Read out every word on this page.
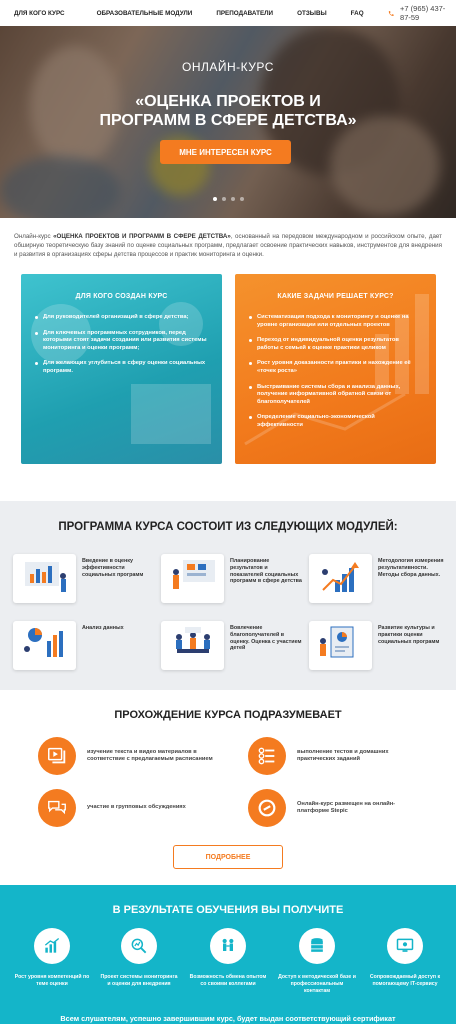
ДЛЯ КОГО КУРС	ОБРАЗОВАТЕЛЬНЫЕ МОДУЛИ	ПРЕПОДАВАТЕЛИ	ОТЗЫВЫ	FAQ	+7 (965) 437-87-59
ОНЛАЙН-КУРС
«ОЦЕНКА ПРОЕКТОВ И
ПРОГРАММ В СФЕРЕ ДЕТСТВА»
МНЕ ИНТЕРЕСЕН КУРС
Онлайн-курс «ОЦЕНКА ПРОЕКТОВ И ПРОГРАММ В СФЕРЕ ДЕТСТВА», основанный на передовом международном и российском опыте, дает обширную теоретическую базу знаний по оценке социальных программ, предлагает освоение практических навыков, инструментов для внедрения и развития в организациях сферы детства процессов и практик мониторинга и оценки.
ДЛЯ КОГО СОЗДАН КУРС
Для руководителей организаций в сфере детства;
Для ключевых программных сотрудников, перед которыми стоят задачи создания или развития системы мониторинга и оценки программ;
Для желающих углубиться в сферу оценки социальных программ.
КАКИЕ ЗАДАЧИ РЕШАЕТ КУРС?
Систематизация подхода к мониторингу и оценке на уровне организации или отдельных проектов
Переход от индивидуальной оценки результатов работы с семьей к оценке практики целиком
Рост уровня доказанности практики и нахождение её «точек роста»
Выстраивание системы сбора и анализа данных, получение информативной обратной связи от благополучателей
Определение социально-экономической эффективности
ПРОГРАММА КУРСА СОСТОИТ ИЗ СЛЕДУЮЩИХ МОДУЛЕЙ:
Введение в оценку эффективности социальных программ
Планирование результатов и показателей социальных программ в сфере детства
Методология измерения результативности. Методы сбора данных.
Анализ данных	Вовлечение благополучателей в оценку. Оценка с участием детей
Развитие культуры и практики оценки социальных программ
ПРОХОЖДЕНИЕ КУРСА ПОДРАЗУМЕВАЕТ
изучение текста и видео материалов в соответствие с предлагаемым расписанием
выполнение тестов и домашних практических заданий
участие в групповых обсуждениях
Онлайн-курс размещен на онлайн-платформе Stepic
ПОДРОБНЕЕ
В РЕЗУЛЬТАТЕ ОБУЧЕНИЯ ВЫ ПОЛУЧИТЕ
Рост уровня компетенций по теме оценки
Проект системы мониторинга и оценки для внедрения
Возможность обмена опытом со своими коллегами
Доступ к методической базе и профессиональным контактам
Сопровождаемый доступ к помогающему IT-сервису
Всем слушателям, успешно завершившим курс, будет выдан соответствующий сертификат
